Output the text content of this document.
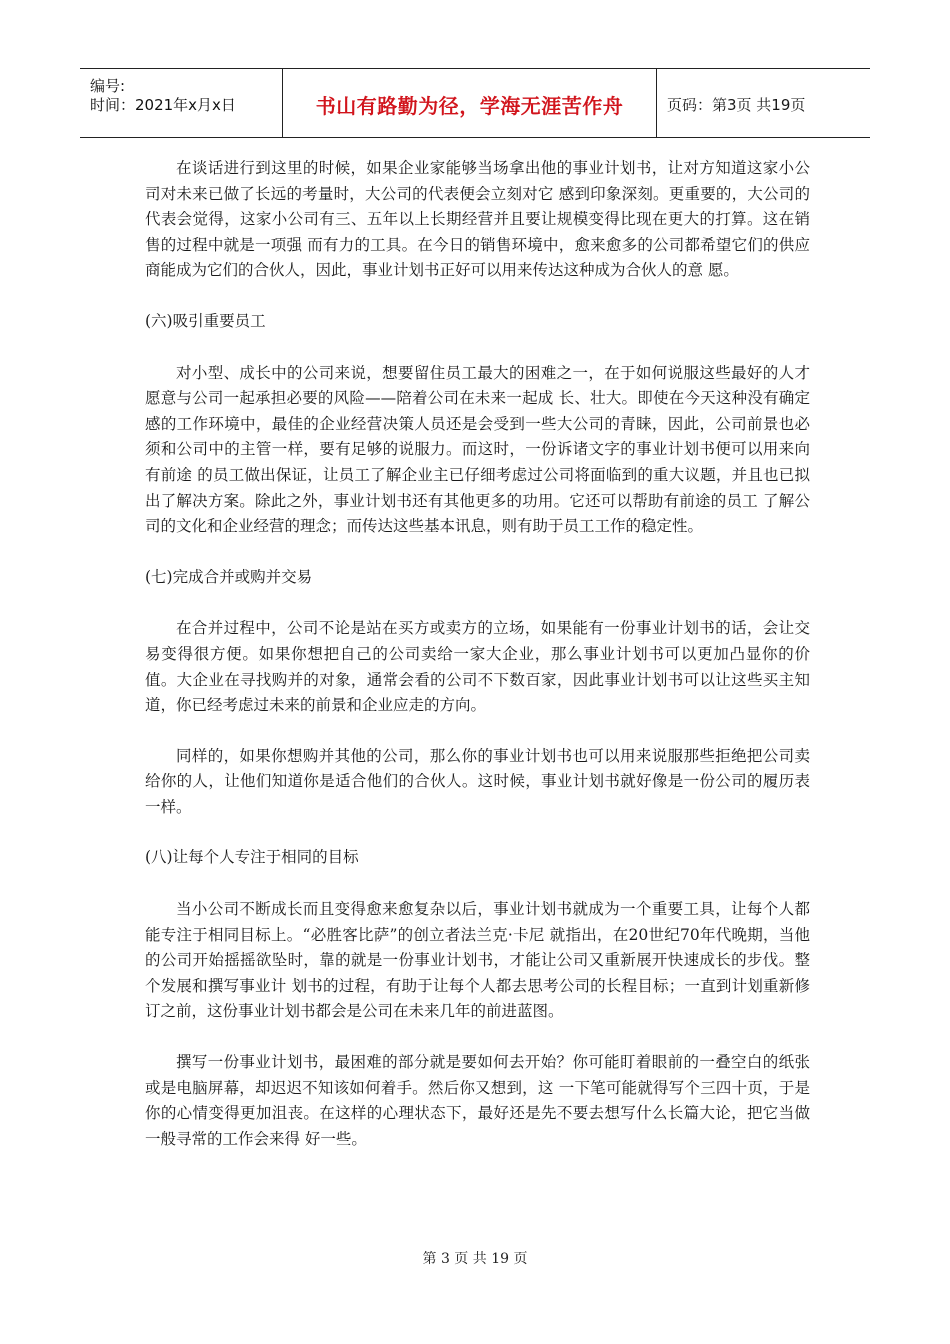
编号:
时间：2021年x月x日	书山有路勤为径，学海无涯苦作舟	页码：第3页 共19页

在谈话进行到这里的时候，如果企业家能够当场拿出他的事业计划书，让对方知道这家小公司对未来已做了长远的考量时，大公司的代表便会立刻对它 感到印象深刻。更重要的，大公司的代表会觉得，这家小公司有三、五年以上长期经营并且要让规模变得比现在更大的打算。这在销售的过程中就是一项强 而有力的工具。在今日的销售环境中，愈来愈多的公司都希望它们的供应商能成为它们的合伙人，因此，事业计划书正好可以用来传达这种成为合伙人的意 愿。

(六)吸引重要员工

对小型、成长中的公司来说，想要留住员工最大的困难之一，在于如何说服这些最好的人才愿意与公司一起承担必要的风险——陪着公司在未来一起成 长、壮大。即使在今天这种没有确定感的工作环境中，最佳的企业经营决策人员还是会受到一些大公司的青睐，因此，公司前景也必须和公司中的主管一样，要有足够的说服力。而这时，一份诉诸文字的事业计划书便可以用来向有前途 的员工做出保证，让员工了解企业主已仔细考虑过公司将面临到的重大议题，并且也已拟出了解决方案。除此之外，事业计划书还有其他更多的功用。它还可以帮助有前途的员工 了解公司的文化和企业经营的理念；而传达这些基本讯息，则有助于员工工作的稳定性。

(七)完成合并或购并交易

在合并过程中，公司不论是站在买方或卖方的立场，如果能有一份事业计划书的话，会让交易变得很方便。如果你想把自己的公司卖给一家大企业，那么事业计划书可以更加凸显你的价值。大企业在寻找购并的对象，通常会看的公司不下数百家，因此事业计划书可以让这些买主知道，你已经考虑过未来的前景和企业应走的方向。

同样的，如果你想购并其他的公司，那么你的事业计划书也可以用来说服那些拒绝把公司卖给你的人，让他们知道你是适合他们的合伙人。这时候，事业计划书就好像是一份公司的履历表一样。

(八)让每个人专注于相同的目标

当小公司不断成长而且变得愈来愈复杂以后，事业计划书就成为一个重要工具，让每个人都能专注于相同目标上。“必胜客比萨”的创立者法兰克·卡尼 就指出，在20世纪70年代晚期，当他的公司开始摇摇欲坠时，靠的就是一份事业计划书，才能让公司又重新展开快速成长的步伐。整个发展和撰写事业计 划书的过程，有助于让每个人都去思考公司的长程目标；一直到计划重新修订之前，这份事业计划书都会是公司在未来几年的前进蓝图。

撰写一份事业计划书，最困难的部分就是要如何去开始？你可能盯着眼前的一叠空白的纸张或是电脑屏幕，却迟迟不知该如何着手。然后你又想到，这 一下笔可能就得写个三四十页，于是你的心情变得更加沮丧。在这样的心理状态下，最好还是先不要去想写什么长篇大论，把它当做一般寻常的工作会来得 好一些。

第 3 页 共 19 页
